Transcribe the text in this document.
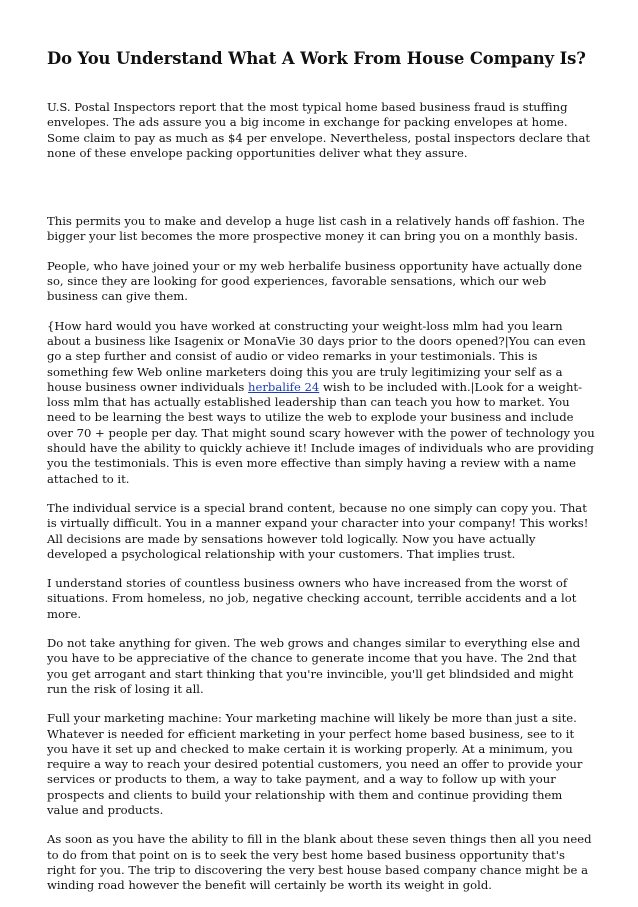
Do You Understand What A Work From House Company Is?

U.S. Postal Inspectors report that the most typical home based business fraud is stuffing envelopes. The ads assure you a big income in exchange for packing envelopes at home. Some claim to pay as much as $4 per envelope. Nevertheless, postal inspectors declare that none of these envelope packing opportunities deliver what they assure.

This permits you to make and develop a huge list cash in a relatively hands off fashion. The bigger your list becomes the more prospective money it can bring you on a monthly basis.

People, who have joined your or my web herbalife business opportunity have actually done so, since they are looking for good experiences, favorable sensations, which our web business can give them.

{How hard would you have worked at constructing your weight-loss mlm had you learn about a business like Isagenix or MonaVie 30 days prior to the doors opened?|You can even go a step further and consist of audio or video remarks in your testimonials. This is something few Web online marketers doing this you are truly legitimizing your self as a house business owner individuals herbalife 24 wish to be included with.|Look for a weight-loss mlm that has actually established leadership than can teach you how to market. You need to be learning the best ways to utilize the web to explode your business and include over 70 + people per day. That might sound scary however with the power of technology you should have the ability to quickly achieve it! Include images of individuals who are providing you the testimonials. This is even more effective than simply having a review with a name attached to it.

The individual service is a special brand content, because no one simply can copy you. That is virtually difficult. You in a manner expand your character into your company! This works! All decisions are made by sensations however told logically. Now you have actually developed a psychological relationship with your customers. That implies trust.

I understand stories of countless business owners who have increased from the worst of situations. From homeless, no job, negative checking account, terrible accidents and a lot more.

Do not take anything for given. The web grows and changes similar to everything else and you have to be appreciative of the chance to generate income that you have. The 2nd that you get arrogant and start thinking that you're invincible, you'll get blindsided and might run the risk of losing it all.

Full your marketing machine: Your marketing machine will likely be more than just a site. Whatever is needed for efficient marketing in your perfect home based business, see to it you have it set up and checked to make certain it is working properly. At a minimum, you require a way to reach your desired potential customers, you need an offer to provide your services or products to them, a way to take payment, and a way to follow up with your prospects and clients to build your relationship with them and continue providing them value and products.

As soon as you have the ability to fill in the blank about these seven things then all you need to do from that point on is to seek the very best home based business opportunity that's right for you. The trip to discovering the very best house based company chance might be a winding road however the benefit will certainly be worth its weight in gold.
